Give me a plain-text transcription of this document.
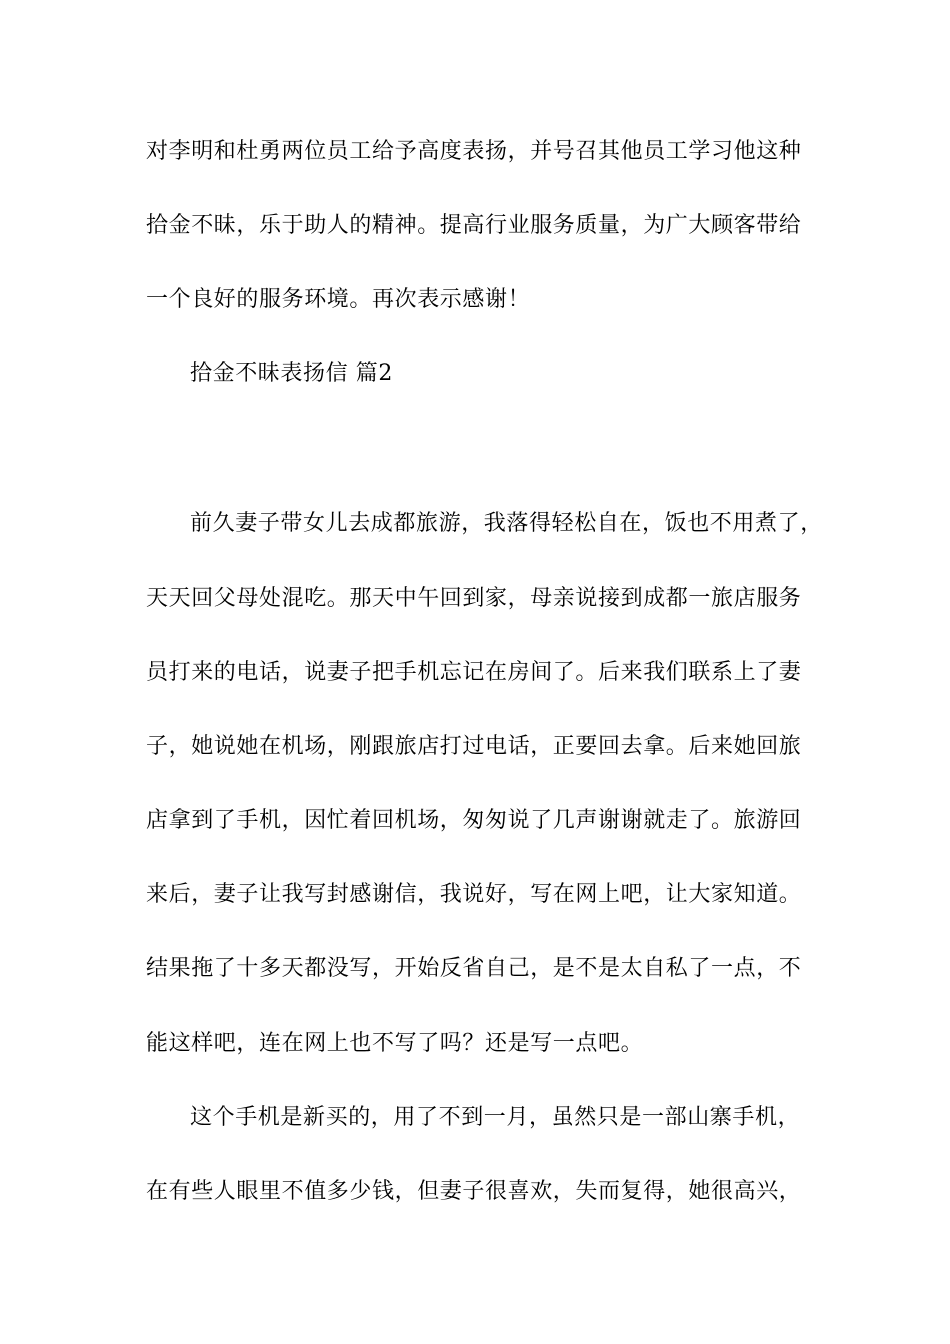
对李明和杜勇两位员工给予高度表扬，并号召其他员工学习他这种
拾金不昧，乐于助人的精神。提高行业服务质量，为广大顾客带给
一个良好的服务环境。再次表示感谢！
拾金不昧表扬信 篇2
前久妻子带女儿去成都旅游，我落得轻松自在，饭也不用煮了，
天天回父母处混吃。那天中午回到家，母亲说接到成都一旅店服务
员打来的电话，说妻子把手机忘记在房间了。后来我们联系上了妻
子，她说她在机场，刚跟旅店打过电话，正要回去拿。后来她回旅
店拿到了手机，因忙着回机场，匆匆说了几声谢谢就走了。旅游回
来后，妻子让我写封感谢信，我说好，写在网上吧，让大家知道。
结果拖了十多天都没写，开始反省自己，是不是太自私了一点，不
能这样吧，连在网上也不写了吗？还是写一点吧。
这个手机是新买的，用了不到一月，虽然只是一部山寨手机，
在有些人眼里不值多少钱，但妻子很喜欢，失而复得，她很高兴，
